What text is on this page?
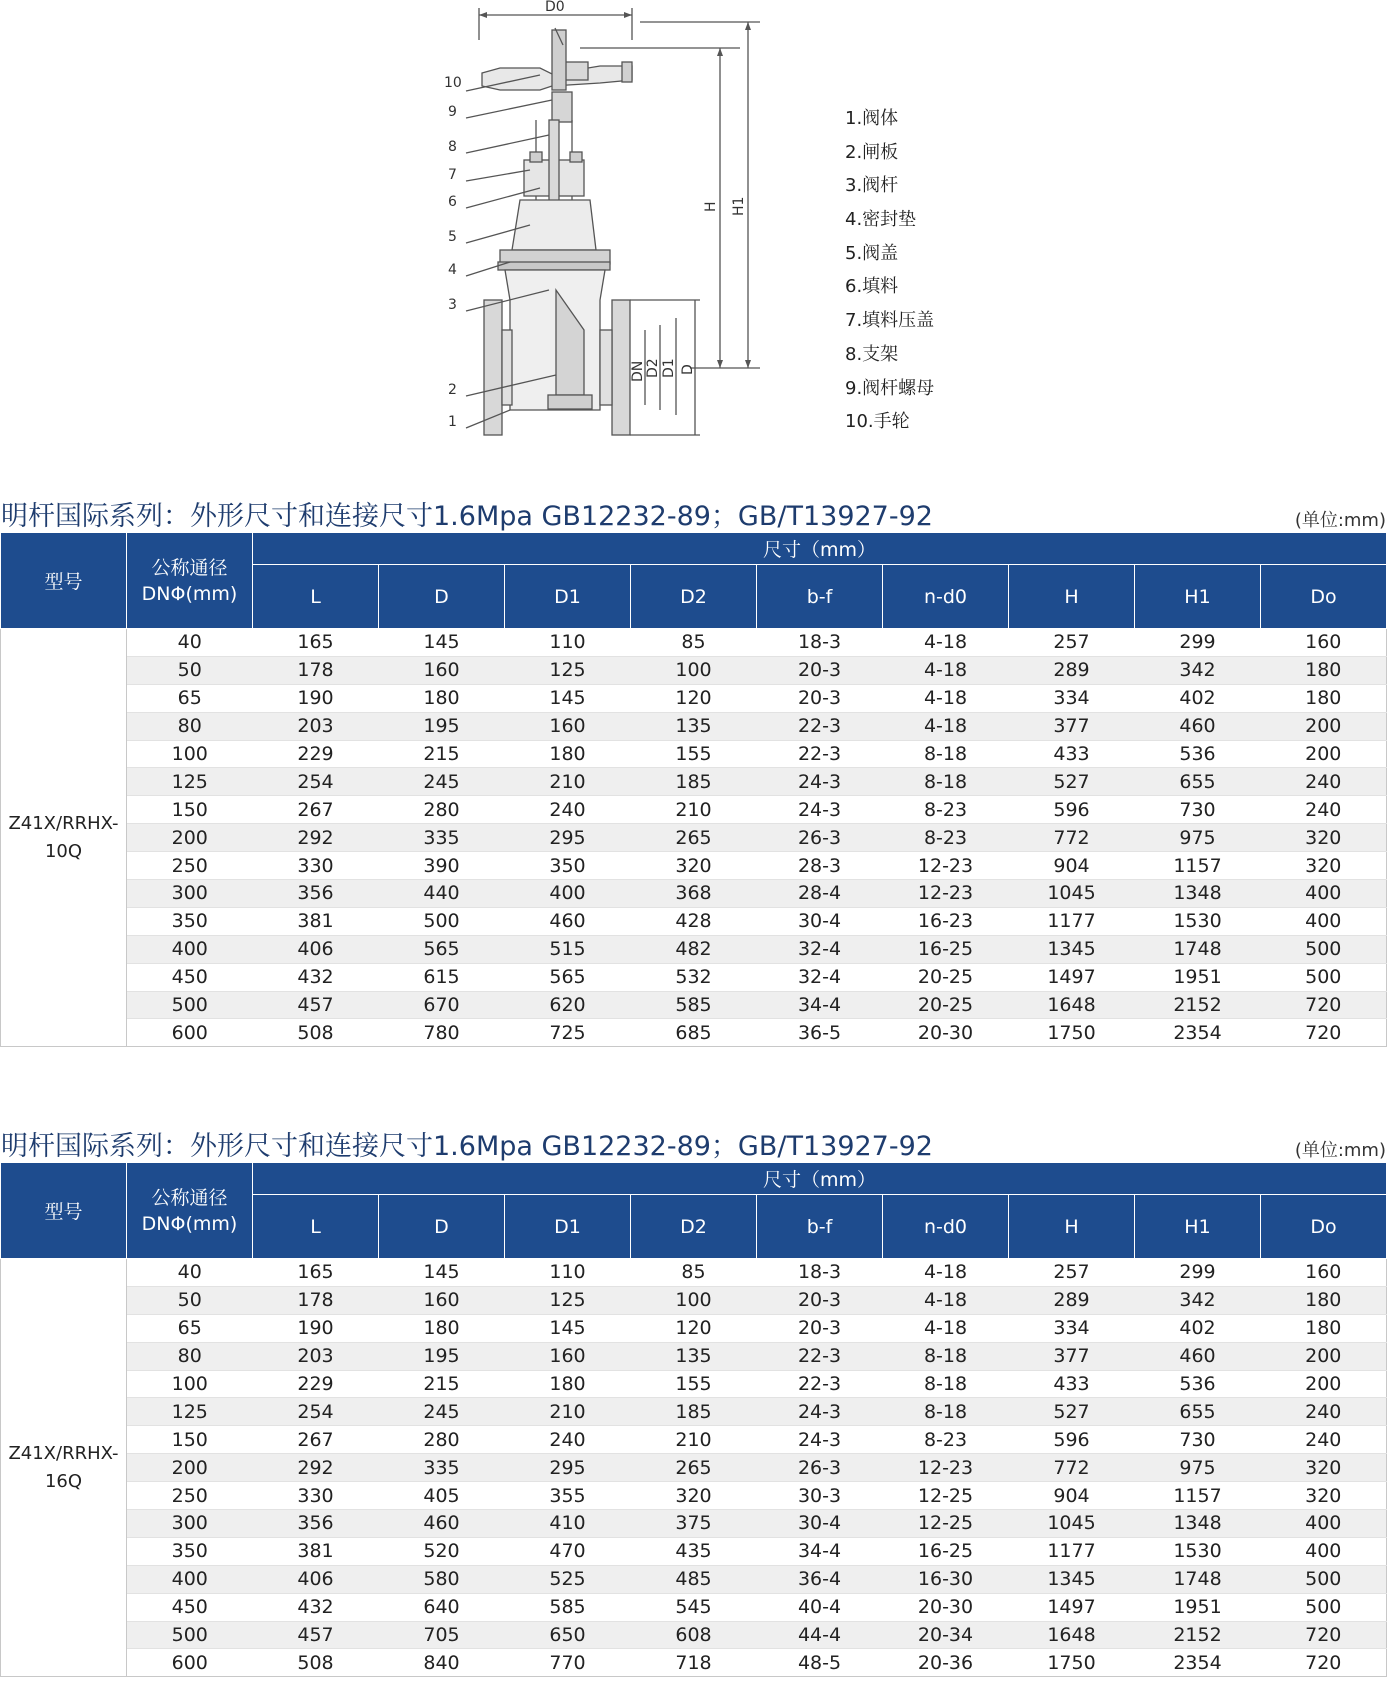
D0
10
9
8
7
6
5
4
3
2
1
H H1
DN D2 D1 D
1.阀体
2.闸板
3.阀杆
4.密封垫
5.阀盖
6.填料
7.填料压盖
8.支架
9.阀杆螺母
10.手轮
明杆国际系列：外形尺寸和连接尺寸1.6Mpa GB12232-89；GB/T13927-92	(单位:mm)
型号	公称通径
DNΦ(mm)	尺寸（mm）								
		L	D	D1	D2	b-f	n-d0	H	H1	Do

Z41X/RRHX-
10Q	40	165	145	110	85	18-3	4-18	257	299	160
	50	178	160	125	100	20-3	4-18	289	342	180
	65	190	180	145	120	20-3	4-18	334	402	180
	80	203	195	160	135	22-3	4-18	377	460	200
	100	229	215	180	155	22-3	8-18	433	536	200
	125	254	245	210	185	24-3	8-18	527	655	240
	150	267	280	240	210	24-3	8-23	596	730	240
	200	292	335	295	265	26-3	8-23	772	975	320
	250	330	390	350	320	28-3	12-23	904	1157	320
	300	356	440	400	368	28-4	12-23	1045	1348	400
	350	381	500	460	428	30-4	16-23	1177	1530	400
	400	406	565	515	482	32-4	16-25	1345	1748	500
	450	432	615	565	532	32-4	20-25	1497	1951	500
	500	457	670	620	585	34-4	20-25	1648	2152	720
	600	508	780	725	685	36-5	20-30	1750	2354	720
明杆国际系列：外形尺寸和连接尺寸1.6Mpa GB12232-89；GB/T13927-92	(单位:mm)
型号	公称通径
DNΦ(mm)	尺寸（mm）								
		L	D	D1	D2	b-f	n-d0	H	H1	Do

Z41X/RRHX-
16Q	40	165	145	110	85	18-3	4-18	257	299	160
	50	178	160	125	100	20-3	4-18	289	342	180
	65	190	180	145	120	20-3	4-18	334	402	180
	80	203	195	160	135	22-3	8-18	377	460	200
	100	229	215	180	155	22-3	8-18	433	536	200
	125	254	245	210	185	24-3	8-18	527	655	240
	150	267	280	240	210	24-3	8-23	596	730	240
	200	292	335	295	265	26-3	12-23	772	975	320
	250	330	405	355	320	30-3	12-25	904	1157	320
	300	356	460	410	375	30-4	12-25	1045	1348	400
	350	381	520	470	435	34-4	16-25	1177	1530	400
	400	406	580	525	485	36-4	16-30	1345	1748	500
	450	432	640	585	545	40-4	20-30	1497	1951	500
	500	457	705	650	608	44-4	20-34	1648	2152	720
	600	508	840	770	718	48-5	20-36	1750	2354	720
